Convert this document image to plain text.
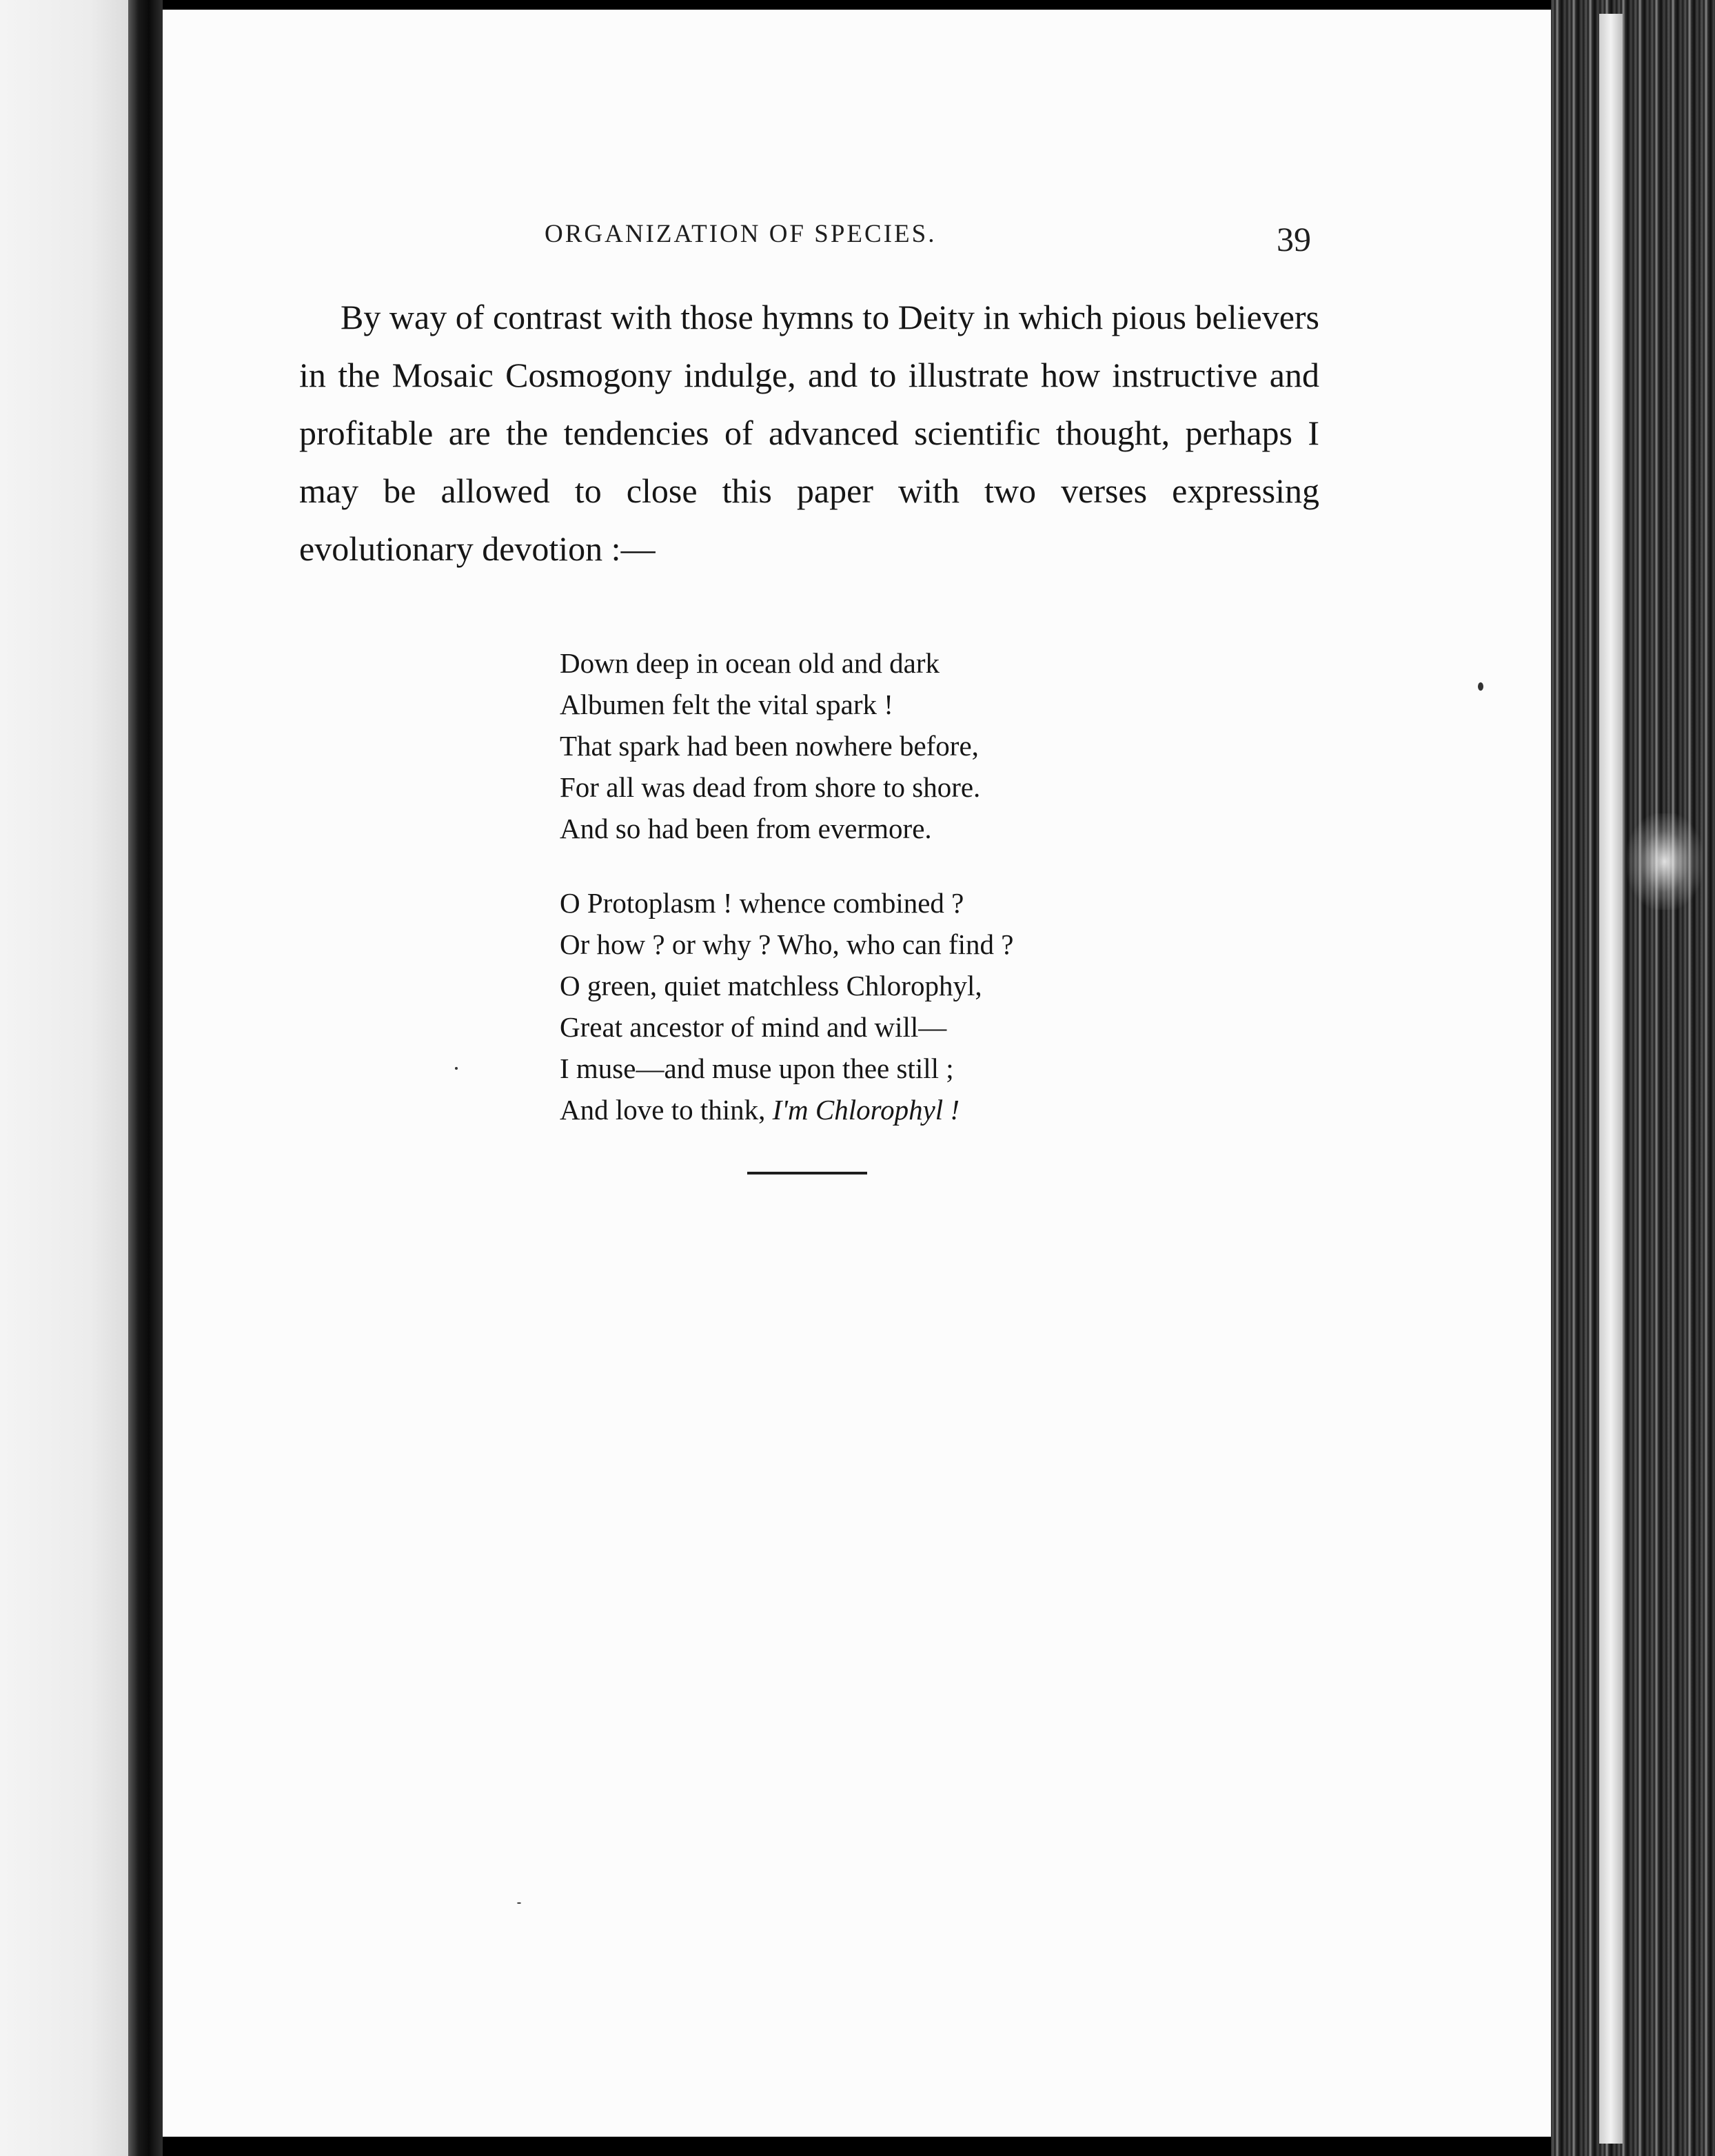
ORGANIZATION OF SPECIES.	39

By way of contrast with those hymns to Deity in which pious believers in the Mosaic Cosmogony indulge, and to illustrate how instructive and profitable are the tendencies of advanced scientific thought, perhaps I may be allowed to close this paper with two verses expressing evolutionary devotion :—

Down deep in ocean old and dark
Albumen felt the vital spark !
That spark had been nowhere before,
For all was dead from shore to shore.
And so had been from evermore.
O Protoplasm ! whence combined ?
Or how ? or why ? Who, who can find ?
O green, quiet matchless Chlorophyl,
Great ancestor of mind and will—
I muse—and muse upon thee still ;
And love to think, I'm Chlorophyl !
